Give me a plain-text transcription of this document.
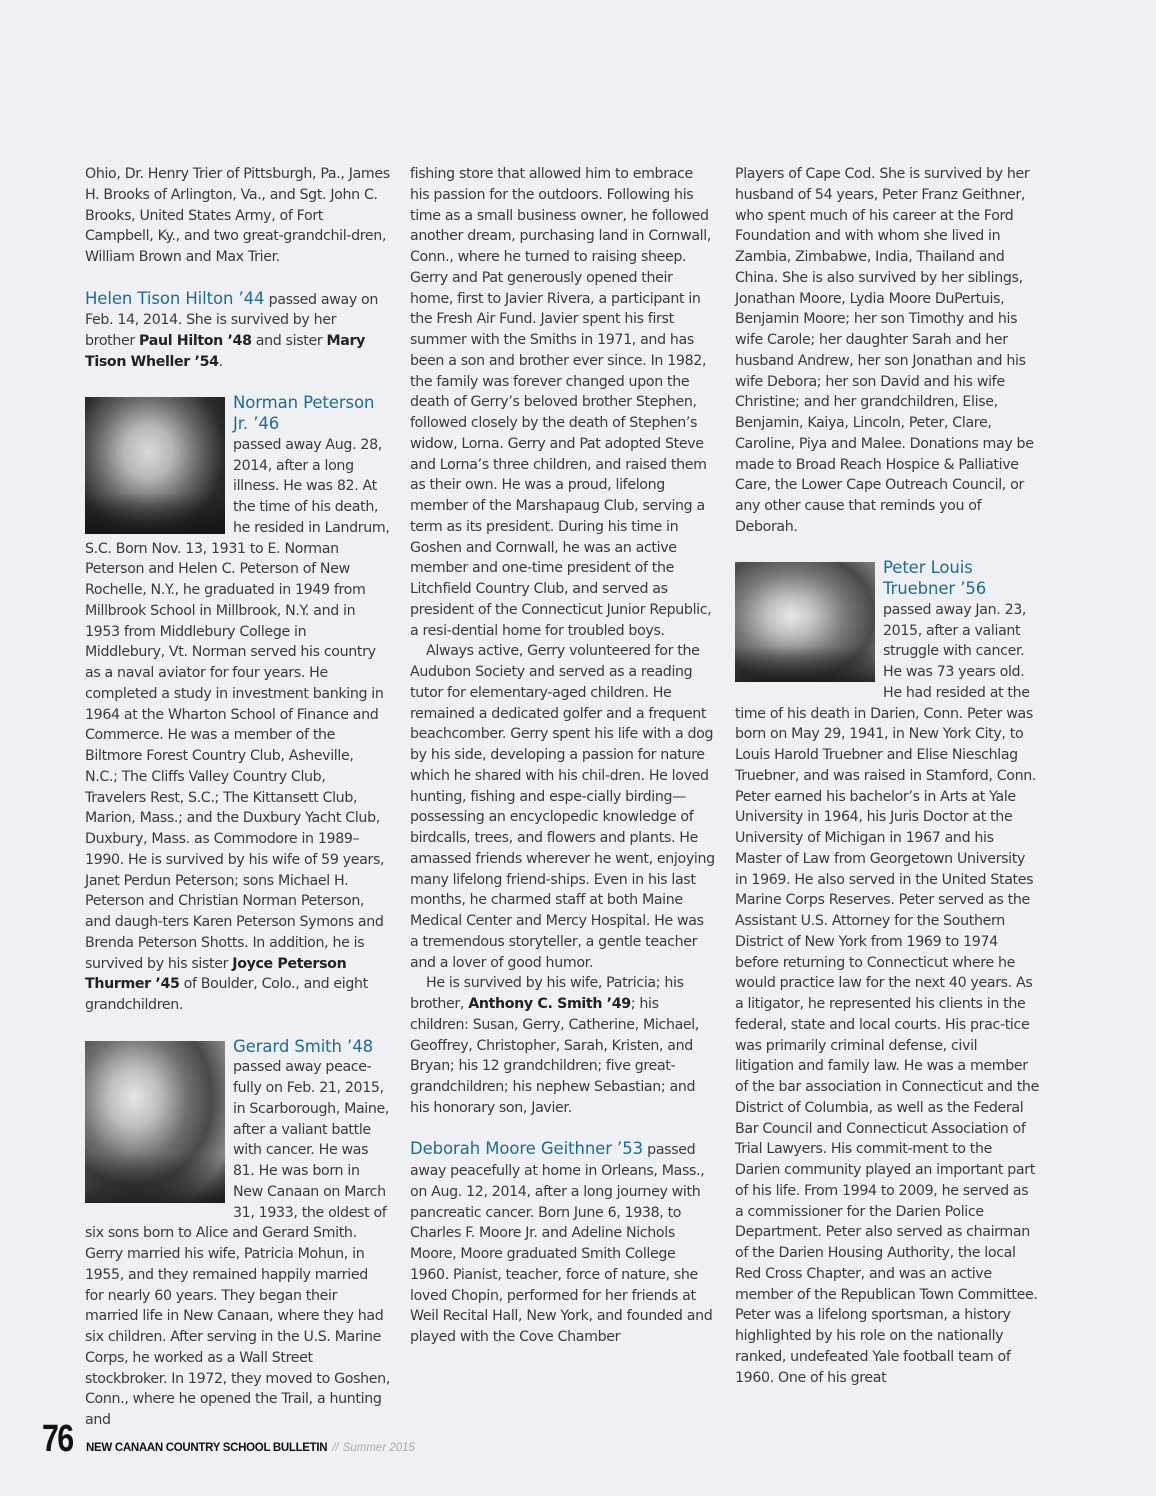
Ohio, Dr. Henry Trier of Pittsburgh, Pa., James H. Brooks of Arlington, Va., and Sgt. John C. Brooks, United States Army, of Fort Campbell, Ky., and two great-grandchil-dren, William Brown and Max Trier.

Helen Tison Hilton ’44 passed away on Feb. 14, 2014. She is survived by her brother Paul Hilton ’48 and sister Mary Tison Wheller ’54.

Norman Peterson Jr. ’46
passed away Aug. 28, 2014, after a long illness. He was 82. At the time of his death, he resided in Landrum, S.C. Born Nov. 13, 1931 to E. Norman Peterson and Helen C. Peterson of New Rochelle, N.Y., he graduated in 1949 from Millbrook School in Millbrook, N.Y. and in 1953 from Middlebury College in Middlebury, Vt. Norman served his country as a naval aviator for four years. He completed a study in investment banking in 1964 at the Wharton School of Finance and Commerce. He was a member of the Biltmore Forest Country Club, Asheville, N.C.; The Cliffs Valley Country Club, Travelers Rest, S.C.; The Kittansett Club, Marion, Mass.; and the Duxbury Yacht Club, Duxbury, Mass. as Commodore in 1989–1990. He is survived by his wife of 59 years, Janet Perdun Peterson; sons Michael H. Peterson and Christian Norman Peterson, and daugh-ters Karen Peterson Symons and Brenda Peterson Shotts. In addition, he is survived by his sister Joyce Peterson Thurmer ’45 of Boulder, Colo., and eight grandchildren.

Gerard Smith ’48
passed away peace-fully on Feb. 21, 2015, in Scarborough, Maine, after a valiant battle with cancer. He was 81. He was born in New Canaan on March 31, 1933, the oldest of six sons born to Alice and Gerard Smith. Gerry married his wife, Patricia Mohun, in 1955, and they remained happily married for nearly 60 years. They began their married life in New Canaan, where they had six children. After serving in the U.S. Marine Corps, he worked as a Wall Street stockbroker. In 1972, they moved to Goshen, Conn., where he opened the Trail, a hunting and

fishing store that allowed him to embrace his passion for the outdoors. Following his time as a small business owner, he followed another dream, purchasing land in Cornwall, Conn., where he turned to raising sheep. Gerry and Pat generously opened their home, first to Javier Rivera, a participant in the Fresh Air Fund. Javier spent his first summer with the Smiths in 1971, and has been a son and brother ever since. In 1982, the family was forever changed upon the death of Gerry’s beloved brother Stephen, followed closely by the death of Stephen’s widow, Lorna. Gerry and Pat adopted Steve and Lorna’s three children, and raised them as their own. He was a proud, lifelong member of the Marshapaug Club, serving a term as its president. During his time in Goshen and Cornwall, he was an active member and one-time president of the Litchfield Country Club, and served as president of the Connecticut Junior Republic, a resi-dential home for troubled boys.

Always active, Gerry volunteered for the Audubon Society and served as a reading tutor for elementary-aged children. He remained a dedicated golfer and a frequent beachcomber. Gerry spent his life with a dog by his side, developing a passion for nature which he shared with his chil-dren. He loved hunting, fishing and espe-cially birding—possessing an encyclopedic knowledge of birdcalls, trees, and flowers and plants. He amassed friends wherever he went, enjoying many lifelong friend-ships. Even in his last months, he charmed staff at both Maine Medical Center and Mercy Hospital. He was a tremendous storyteller, a gentle teacher and a lover of good humor.

He is survived by his wife, Patricia; his brother, Anthony C. Smith ’49; his children: Susan, Gerry, Catherine, Michael, Geoffrey, Christopher, Sarah, Kristen, and Bryan; his 12 grandchildren; five great-grandchildren; his nephew Sebastian; and his honorary son, Javier.

Deborah Moore Geithner ’53 passed away peacefully at home in Orleans, Mass., on Aug. 12, 2014, after a long journey with pancreatic cancer. Born June 6, 1938, to Charles F. Moore Jr. and Adeline Nichols Moore, Moore graduated Smith College 1960. Pianist, teacher, force of nature, she loved Chopin, performed for her friends at Weil Recital Hall, New York, and founded and played with the Cove Chamber

Players of Cape Cod. She is survived by her husband of 54 years, Peter Franz Geithner, who spent much of his career at the Ford Foundation and with whom she lived in Zambia, Zimbabwe, India, Thailand and China. She is also survived by her siblings, Jonathan Moore, Lydia Moore DuPertuis, Benjamin Moore; her son Timothy and his wife Carole; her daughter Sarah and her husband Andrew, her son Jonathan and his wife Debora; her son David and his wife Christine; and her grandchildren, Elise, Benjamin, Kaiya, Lincoln, Peter, Clare, Caroline, Piya and Malee. Donations may be made to Broad Reach Hospice & Palliative Care, the Lower Cape Outreach Council, or any other cause that reminds you of Deborah.

Peter Louis Truebner ’56
passed away Jan. 23, 2015, after a valiant struggle with cancer. He was 73 years old. He had resided at the time of his death in Darien, Conn. Peter was born on May 29, 1941, in New York City, to Louis Harold Truebner and Elise Nieschlag Truebner, and was raised in Stamford, Conn. Peter earned his bachelor’s in Arts at Yale University in 1964, his Juris Doctor at the University of Michigan in 1967 and his Master of Law from Georgetown University in 1969. He also served in the United States Marine Corps Reserves. Peter served as the Assistant U.S. Attorney for the Southern District of New York from 1969 to 1974 before returning to Connecticut where he would practice law for the next 40 years. As a litigator, he represented his clients in the federal, state and local courts. His prac-tice was primarily criminal defense, civil litigation and family law. He was a member of the bar association in Connecticut and the District of Columbia, as well as the Federal Bar Council and Connecticut Association of Trial Lawyers. His commit-ment to the Darien community played an important part of his life. From 1994 to 2009, he served as a commissioner for the Darien Police Department. Peter also served as chairman of the Darien Housing Authority, the local Red Cross Chapter, and was an active member of the Republican Town Committee. Peter was a lifelong sportsman, a history highlighted by his role on the nationally ranked, undefeated Yale football team of 1960. One of his great

76	NEW CANAAN COUNTRY SCHOOL BULLETIN // Summer 2015
